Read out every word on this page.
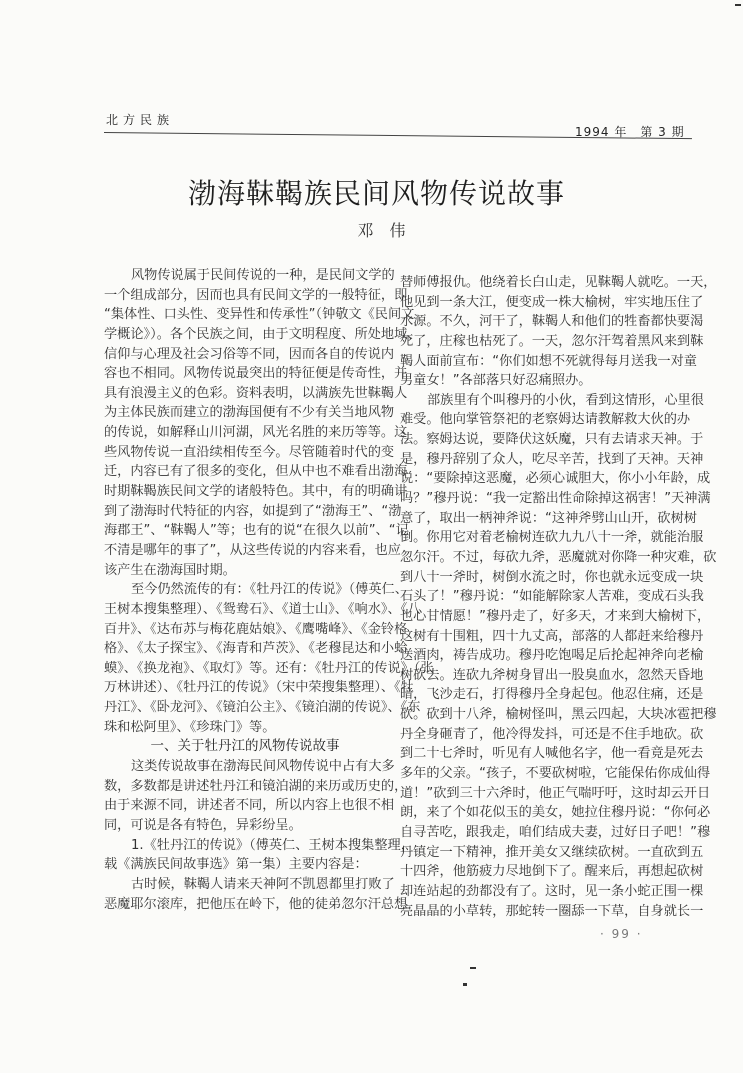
北方民族
1994 年　第 3 期
渤海靺鞨族民间风物传说故事
邓　伟
风物传说属于民间传说的一种，是民间文学的
一个组成部分，因而也具有民间文学的一般特征，即
“集体性、口头性、变异性和传承性”（钟敬文《民间文
学概论》）。各个民族之间，由于文明程度、所处地域、
信仰与心理及社会习俗等不同，因而各自的传说内
容也不相同。风物传说最突出的特征便是传奇性，并
具有浪漫主义的色彩。资料表明，以满族先世靺鞨人
为主体民族而建立的渤海国便有不少有关当地风物
的传说，如解释山川河湖，风光名胜的来历等等。这
些风物传说一直沿续相传至今。尽管随着时代的变
迁，内容已有了很多的变化，但从中也不难看出渤海
时期靺鞨族民间文学的诸般特色。其中，有的明确讲
到了渤海时代特征的内容，如提到了“渤海王”、“渤
海郡王”、“靺鞨人”等；也有的说“在很久以前”、“记
不清是哪年的事了”，从这些传说的内容来看，也应
该产生在渤海国时期。
至今仍然流传的有：《牡丹江的传说》（傅英仁、
王树本搜集整理）、《鸳鸯石》、《道士山》、《响水》、《八
百井》、《达布苏与梅花鹿姑娘》、《鹰嘴峰》、《金铃格
格》、《太子探宝》、《海青和芦茨》、《老穆昆达和小蛤
蟆》、《换龙袍》、《取灯》等。还有：《牡丹江的传说》（张
万林讲述）、《牡丹江的传说》（宋中荣搜集整理）、《牡
丹江》、《卧龙河》、《镜泊公主》、《镜泊湖的传说》、《东
珠和松阿里》、《珍珠门》等。
一、关于牡丹江的风物传说故事
这类传说故事在渤海民间风物传说中占有大多
数，多数都是讲述牡丹江和镜泊湖的来历或历史的，
由于来源不同，讲述者不同，所以内容上也很不相
同，可说是各有特色，异彩纷呈。
1.《牡丹江的传说》（傅英仁、王树本搜集整理，
载《满族民间故事选》第一集）主要内容是：
古时候，靺鞨人请来天神阿不凯恩都里打败了
恶魔耶尔滚库，把他压在岭下，他的徒弟忽尔汗总想
替师傅报仇。他绕着长白山走，见靺鞨人就吃。一天，
他见到一条大江，便变成一株大榆树，牢实地压住了
水源。不久，河干了，靺鞨人和他们的牲畜都快要渴
死了，庄稼也枯死了。一天，忽尔汗驾着黑风来到靺
鞨人面前宣布：“你们如想不死就得每月送我一对童
男童女！”各部落只好忍痛照办。
部族里有个叫穆丹的小伙，看到这情形，心里很
难受。他向掌管祭祀的老察姆达请教解救大伙的办
法。察姆达说，要降伏这妖魔，只有去请求天神。于
是，穆丹辞别了众人，吃尽辛苦，找到了天神。天神
说：“要除掉这恶魔，必须心诚胆大，你小小年龄，成
吗？”穆丹说：“我一定豁出性命除掉这祸害！”天神满
意了，取出一柄神斧说：“这神斧劈山山开，砍树树
倒。你用它对着老榆树连砍九九八十一斧，就能治服
忽尔汗。不过，每砍九斧，恶魔就对你降一种灾难，砍
到八十一斧时，树倒水流之时，你也就永远变成一块
石头了！”穆丹说：“如能解除家人苦难，变成石头我
也心甘情愿！”穆丹走了，好多天，才来到大榆树下，
这树有十围粗，四十九丈高，部落的人都赶来给穆丹
送酒肉，祷告成功。穆丹吃饱喝足后抡起神斧向老榆
树砍去。连砍九斧树身冒出一股臭血水，忽然天昏地
暗，飞沙走石，打得穆丹全身起包。他忍住痛，还是
砍。砍到十八斧，榆树怪叫，黑云四起，大块冰雹把穆
丹全身砸青了，他冷得发抖，可还是不住手地砍。砍
到二十七斧时，听见有人喊他名字，他一看竟是死去
多年的父亲。“孩子，不要砍树啦，它能保佑你成仙得
道！”砍到三十六斧时，他正气喘吁吁，这时却云开日
朗，来了个如花似玉的美女，她拉住穆丹说：“你何必
自寻苦吃，跟我走，咱们结成夫妻，过好日子吧！”穆
丹镇定一下精神，推开美女又继续砍树。一直砍到五
十四斧，他筋疲力尽地倒下了。醒来后，再想起砍树
却连站起的劲都没有了。这时，见一条小蛇正围一棵
亮晶晶的小草转，那蛇转一圈舔一下草，自身就长一
· 99 ·
